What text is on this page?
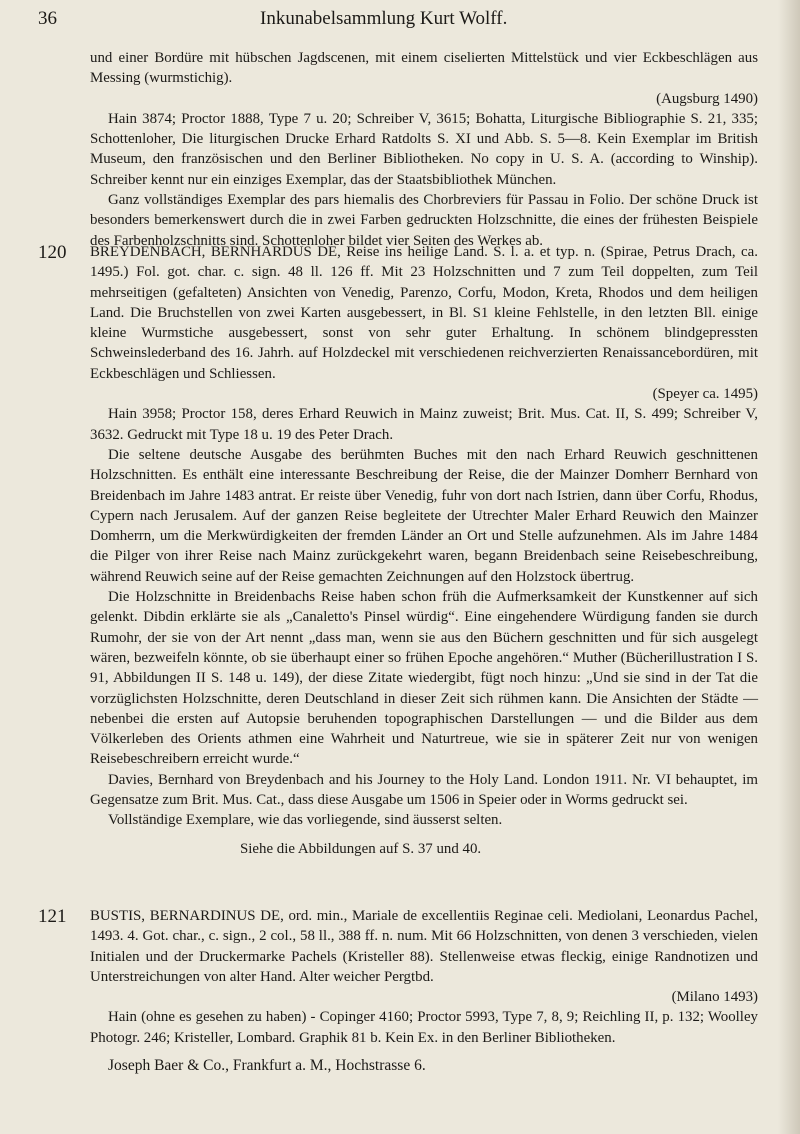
36	Inkunabelsammlung Kurt Wolff.

und einer Bordüre mit hübschen Jagdscenen, mit einem ciselierten Mittelstück und vier Eckbeschlägen aus Messing (wurmstichig).

(Augsburg 1490)

Hain 3874; Proctor 1888, Type 7 u. 20; Schreiber V, 3615; Bohatta, Liturgische Bibliographie S. 21, 335; Schottenloher, Die liturgischen Drucke Erhard Ratdolts S. XI und Abb. S. 5—8. Kein Exemplar im British Museum, den französischen und den Berliner Bibliotheken. No copy in U. S. A. (according to Winship). Schreiber kennt nur ein einziges Exemplar, das der Staatsbibliothek München.

Ganz vollständiges Exemplar des pars hiemalis des Chorbreviers für Passau in Folio. Der schöne Druck ist besonders bemerkenswert durch die in zwei Farben gedruckten Holzschnitte, die eines der frühesten Beispiele des Farbenholzschnitts sind. Schottenloher bildet vier Seiten des Werkes ab.

120 BREYDENBACH, BERNHARDUS DE, Reise ins heilige Land. S. l. a. et typ. n. (Spirae, Petrus Drach, ca. 1495.) Fol. got. char. c. sign. 48 ll. 126 ff. Mit 23 Holzschnitten und 7 zum Teil doppelten, zum Teil mehrseitigen (gefalteten) Ansichten von Venedig, Parenzo, Corfu, Modon, Kreta, Rhodos und dem heiligen Land. Die Bruchstellen von zwei Karten ausgebessert, in Bl. S1 kleine Fehlstelle, in den letzten Bll. einige kleine Wurmstiche ausgebessert, sonst von sehr guter Erhaltung. In schönem blindgepressten Schweinslederband des 16. Jahrh. auf Holzdeckel mit verschiedenen reichverzierten Renaissancebordüren, mit Eckbeschlägen und Schliessen.

(Speyer ca. 1495)

Hain 3958; Proctor 158, deres Erhard Reuwich in Mainz zuweist; Brit. Mus. Cat. II, S. 499; Schreiber V, 3632. Gedruckt mit Type 18 u. 19 des Peter Drach.

Die seltene deutsche Ausgabe des berühmten Buches mit den nach Erhard Reuwich geschnittenen Holzschnitten. Es enthält eine interessante Beschreibung der Reise, die der Mainzer Domherr Bernhard von Breidenbach im Jahre 1483 antrat. Er reiste über Venedig, fuhr von dort nach Istrien, dann über Corfu, Rhodus, Cypern nach Jerusalem. Auf der ganzen Reise begleitete der Utrechter Maler Erhard Reuwich den Mainzer Domherrn, um die Merkwürdigkeiten der fremden Länder an Ort und Stelle aufzunehmen. Als im Jahre 1484 die Pilger von ihrer Reise nach Mainz zurückgekehrt waren, begann Breidenbach seine Reisebeschreibung, während Reuwich seine auf der Reise gemachten Zeichnungen auf den Holzstock übertrug.

Die Holzschnitte in Breidenbachs Reise haben schon früh die Aufmerksamkeit der Kunstkenner auf sich gelenkt. Dibdin erklärte sie als „Canaletto's Pinsel würdig“. Eine eingehendere Würdigung fanden sie durch Rumohr, der sie von der Art nennt „dass man, wenn sie aus den Büchern geschnitten und für sich ausgelegt wären, bezweifeln könnte, ob sie überhaupt einer so frühen Epoche angehören.“ Muther (Bücherillustration I S. 91, Abbildungen II S. 148 u. 149), der diese Zitate wiedergibt, fügt noch hinzu: „Und sie sind in der Tat die vorzüglichsten Holzschnitte, deren Deutschland in dieser Zeit sich rühmen kann. Die Ansichten der Städte — nebenbei die ersten auf Autopsie beruhenden topographischen Darstellungen — und die Bilder aus dem Völkerleben des Orients athmen eine Wahrheit und Naturtreue, wie sie in späterer Zeit nur von wenigen Reisebeschreibern erreicht wurde.“

Davies, Bernhard von Breydenbach and his Journey to the Holy Land. London 1911. Nr. VI behauptet, im Gegensatze zum Brit. Mus. Cat., dass diese Ausgabe um 1506 in Speier oder in Worms gedruckt sei.

Vollständige Exemplare, wie das vorliegende, sind äusserst selten.

Siehe die Abbildungen auf S. 37 und 40.

121 BUSTIS, BERNARDINUS DE, ord. min., Mariale de excellentiis Reginae celi. Mediolani, Leonardus Pachel, 1493. 4. Got. char., c. sign., 2 col., 58 ll., 388 ff. n. num. Mit 66 Holzschnitten, von denen 3 verschieden, vielen Initialen und der Druckermarke Pachels (Kristeller 88). Stellenweise etwas fleckig, einige Randnotizen und Unterstreichungen von alter Hand. Alter weicher Pergtbd.

(Milano 1493)

Hain (ohne es gesehen zu haben) - Copinger 4160; Proctor 5993, Type 7, 8, 9; Reichling II, p. 132; Woolley Photogr. 246; Kristeller, Lombard. Graphik 81 b. Kein Ex. in den Berliner Bibliotheken.

Joseph Baer & Co., Frankfurt a. M., Hochstrasse 6.
